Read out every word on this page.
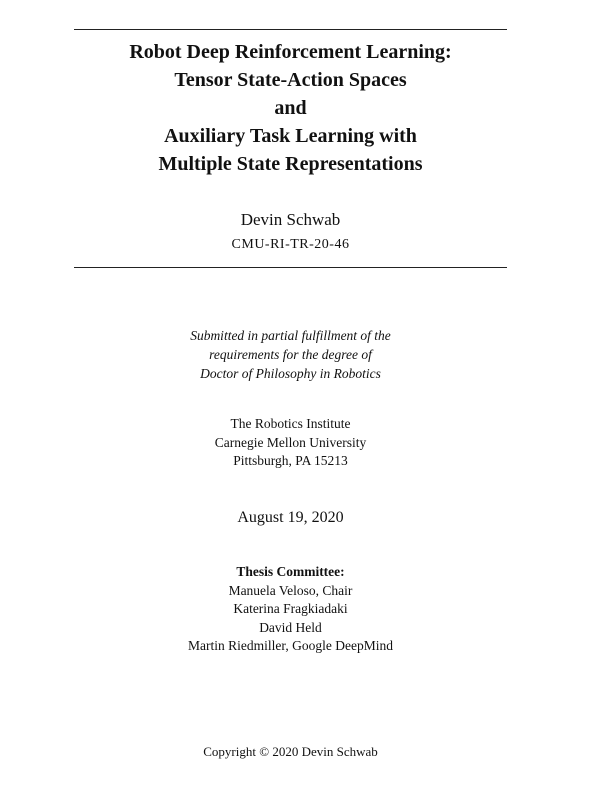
Robot Deep Reinforcement Learning:
Tensor State-Action Spaces
and
Auxiliary Task Learning with
Multiple State Representations
Devin Schwab
CMU-RI-TR-20-46
Submitted in partial fulfillment of the
requirements for the degree of
Doctor of Philosophy in Robotics
The Robotics Institute
Carnegie Mellon University
Pittsburgh, PA 15213
August 19, 2020
Thesis Committee:
Manuela Veloso, Chair
Katerina Fragkiadaki
David Held
Martin Riedmiller, Google DeepMind
Copyright © 2020 Devin Schwab
